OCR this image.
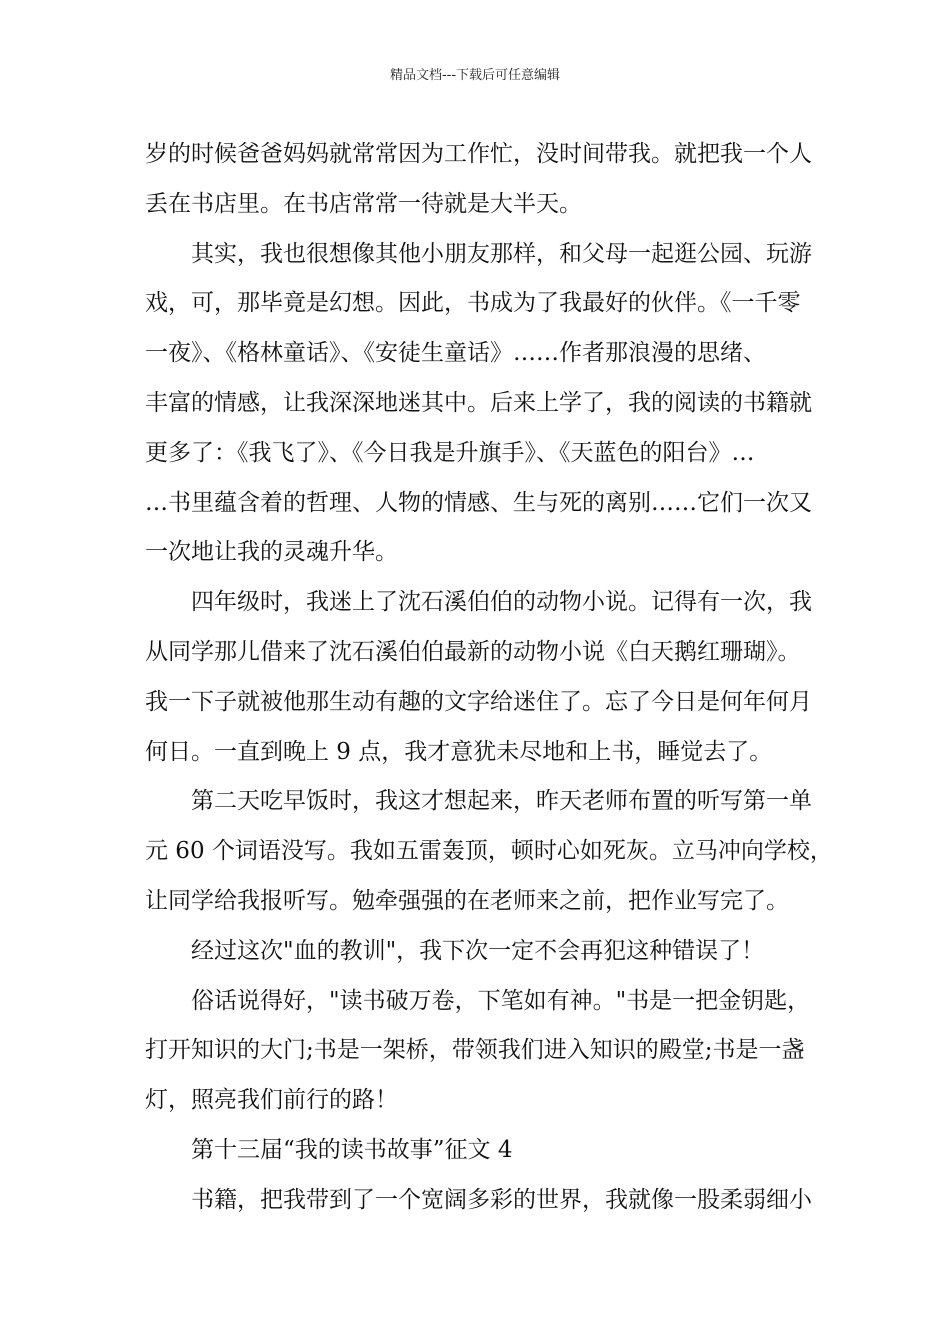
精品文档---下载后可任意编辑
岁的时候爸爸妈妈就常常因为工作忙，没时间带我。就把我一个人
丢在书店里。在书店常常一待就是大半天。
其实，我也很想像其他小朋友那样，和父母一起逛公园、玩游
戏，可，那毕竟是幻想。因此，书成为了我最好的伙伴。《一千零
一夜》、《格林童话》、《安徒生童话》……作者那浪漫的思绪、
丰富的情感，让我深深地迷其中。后来上学了，我的阅读的书籍就
更多了：《我飞了》、《今日我是升旗手》、《天蓝色的阳台》…
…书里蕴含着的哲理、人物的情感、生与死的离别……它们一次又
一次地让我的灵魂升华。
四年级时，我迷上了沈石溪伯伯的动物小说。记得有一次，我
从同学那儿借来了沈石溪伯伯最新的动物小说《白天鹅红珊瑚》。
我一下子就被他那生动有趣的文字给迷住了。忘了今日是何年何月
何日。一直到晚上 9 点，我才意犹未尽地和上书，睡觉去了。
第二天吃早饭时，我这才想起来，昨天老师布置的听写第一单
元 60 个词语没写。我如五雷轰顶，顿时心如死灰。立马冲向学校，
让同学给我报听写。勉牵强强的在老师来之前，把作业写完了。
经过这次"血的教训"，我下次一定不会再犯这种错误了！
俗话说得好，"读书破万卷，下笔如有神。"书是一把金钥匙，
打开知识的大门;书是一架桥，带领我们进入知识的殿堂;书是一盏
灯，照亮我们前行的路！
第十三届“我的读书故事”征文 4
书籍，把我带到了一个宽阔多彩的世界，我就像一股柔弱细小
